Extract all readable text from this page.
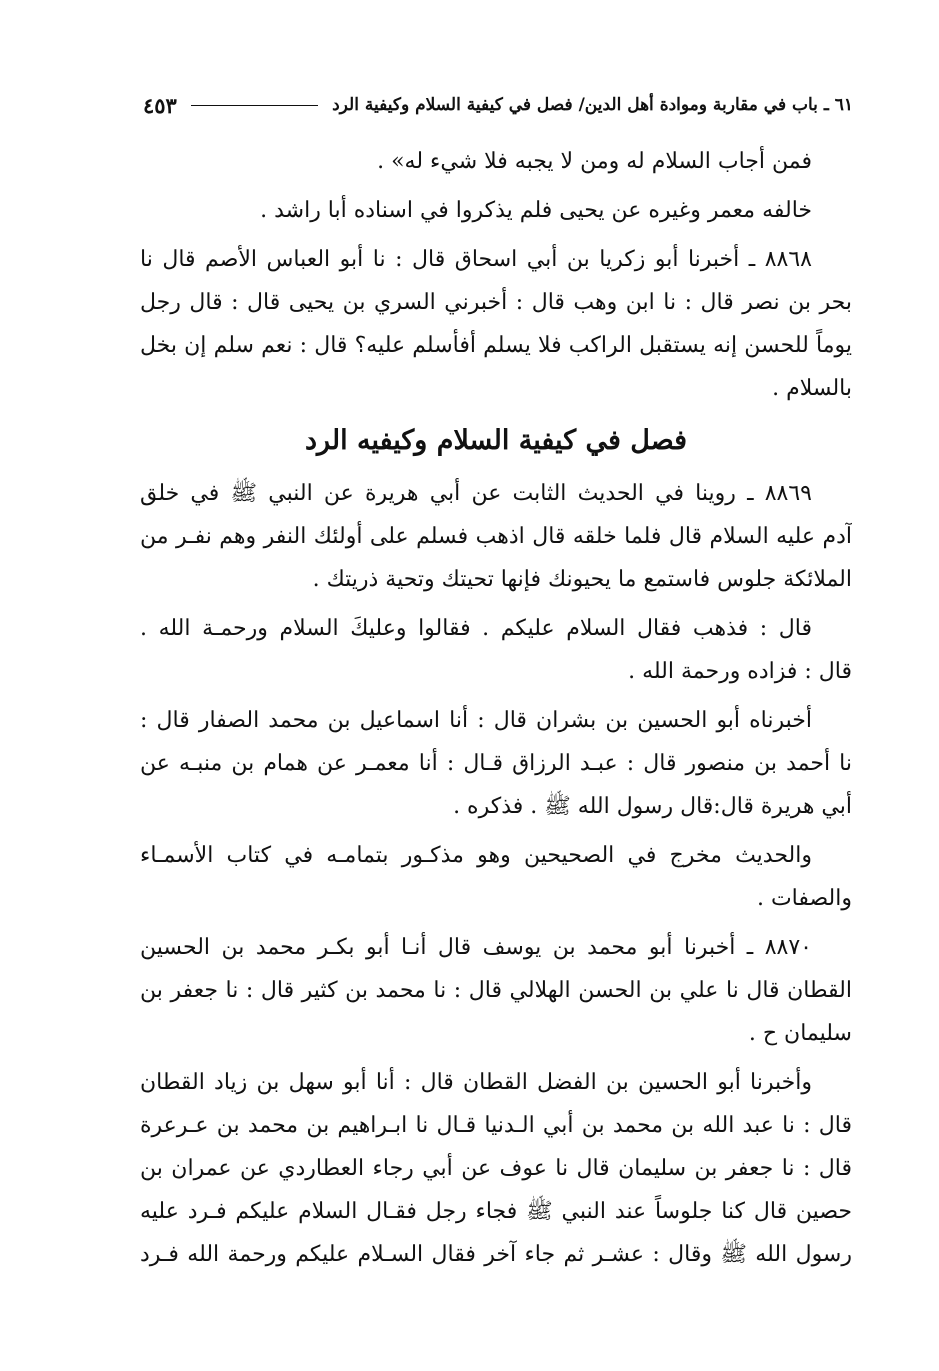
٦١ ـ باب في مقاربة وموادة أهل الدين/ فصل في كيفية السلام وكيفية الرد
٤٥٣

فمن أجاب السلام له ومن لا يجبه فلا شيء له» .

خالفه معمر وغيره عن يحيى فلم يذكروا في اسناده أبا راشد .

٨٨٦٨ ـ أخبرنا أبو زكريا بن أبي اسحاق قال : نا أبو العباس الأصم قال نا

بحر بن نصر قال : نا ابن وهب قال : أخبرني السري بن يحيى قال : قال رجل

يوماً للحسن إنه يستقبل الراكب فلا يسلم أفأسلم عليه؟ قال : نعم سلم إن بخل

بالسلام .

فصل في كيفية السلام وكيفيه الرد

٨٨٦٩ ـ روينا في الحديث الثابت عن أبي هريرة عن النبي ﷺ في خلق

آدم عليه السلام قال فلما خلقه قال اذهب فسلم على أولئك النفر وهم نفـر من

الملائكة جلوس فاستمع ما يحيونك فإنها تحيتك وتحية ذريتك .

قال : فذهب فقال السلام عليكم . فقالوا وعليكَ السلام ورحمـة الله .

قال : فزاده ورحمة الله .

أخبرناه أبو الحسين بن بشران قال : أنا اسماعيل بن محمد الصفار قال :

نا أحمد بن منصور قال : عبـد الرزاق قـال : أنا معمـر عن همام بن منبـه عن

أبي هريرة قال:قال رسول الله ﷺ . فذكره .

والحديث مخرج في الصحيحين وهو مذكـور بتمامـه في كتاب الأسمـاء

والصفات .

٨٨٧٠ ـ أخبرنا أبو محمد بن يوسف قال أنـا أبو بكـر محمد بن الحسين

القطان قال نا علي بن الحسن الهلالي قال : نا محمد بن كثير قال : نا جعفر بن

سليمان ح .

وأخبرنا أبو الحسين بن الفضل القطان قال : أنا أبو سهل بن زياد القطان

قال : نا عبد الله بن محمد بن أبي الـدنيا قـال نا ابـراهيم بن محمد بن عـرعرة

قال : نا جعفر بن سليمان قال نا عوف عن أبي رجاء العطاردي عن عمران بن

حصين قال كنا جلوساً عند النبي ﷺ فجاء رجل فقـال السلام عليكم فـرد عليه

رسول الله ﷺ وقال : عشـر ثم جاء آخر فقال السـلام عليكم ورحمة الله فـرد
